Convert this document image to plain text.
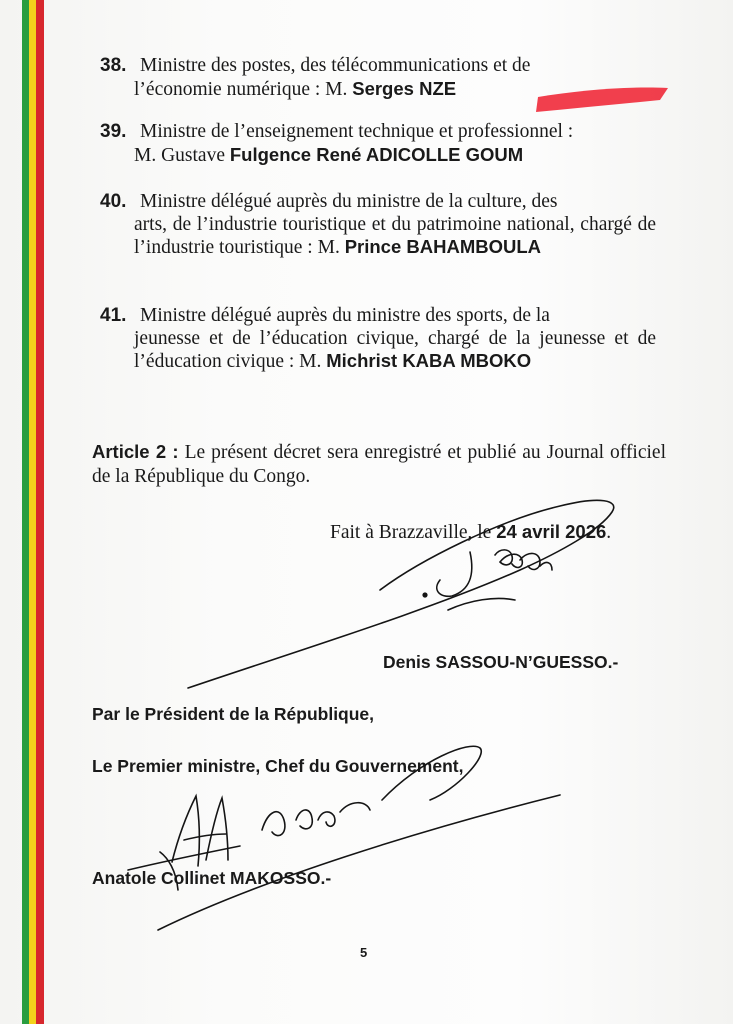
38. Ministre des postes, des télécommunications et de
l’économie numérique : M. Serges NZE
39. Ministre de l’enseignement technique et professionnel :
M. Gustave Fulgence René ADICOLLE GOUM
40. Ministre délégué auprès du ministre de la culture, des
arts, de l’industrie touristique et du patrimoine national, chargé de l’industrie touristique : M. Prince BAHAMBOULA
41. Ministre délégué auprès du ministre des sports, de la
jeunesse et de l’éducation civique, chargé de la jeunesse et de l’éducation civique : M. Michrist KABA MBOKO
Article 2 : Le présent décret sera enregistré et publié au Journal officiel de la République du Congo.
Fait à Brazzaville, le 24 avril 2026.
Denis SASSOU-N’GUESSO.-
Par le Président de la République,
Le Premier ministre, Chef du Gouvernement,
Anatole Collinet MAKOSSO.-
5
